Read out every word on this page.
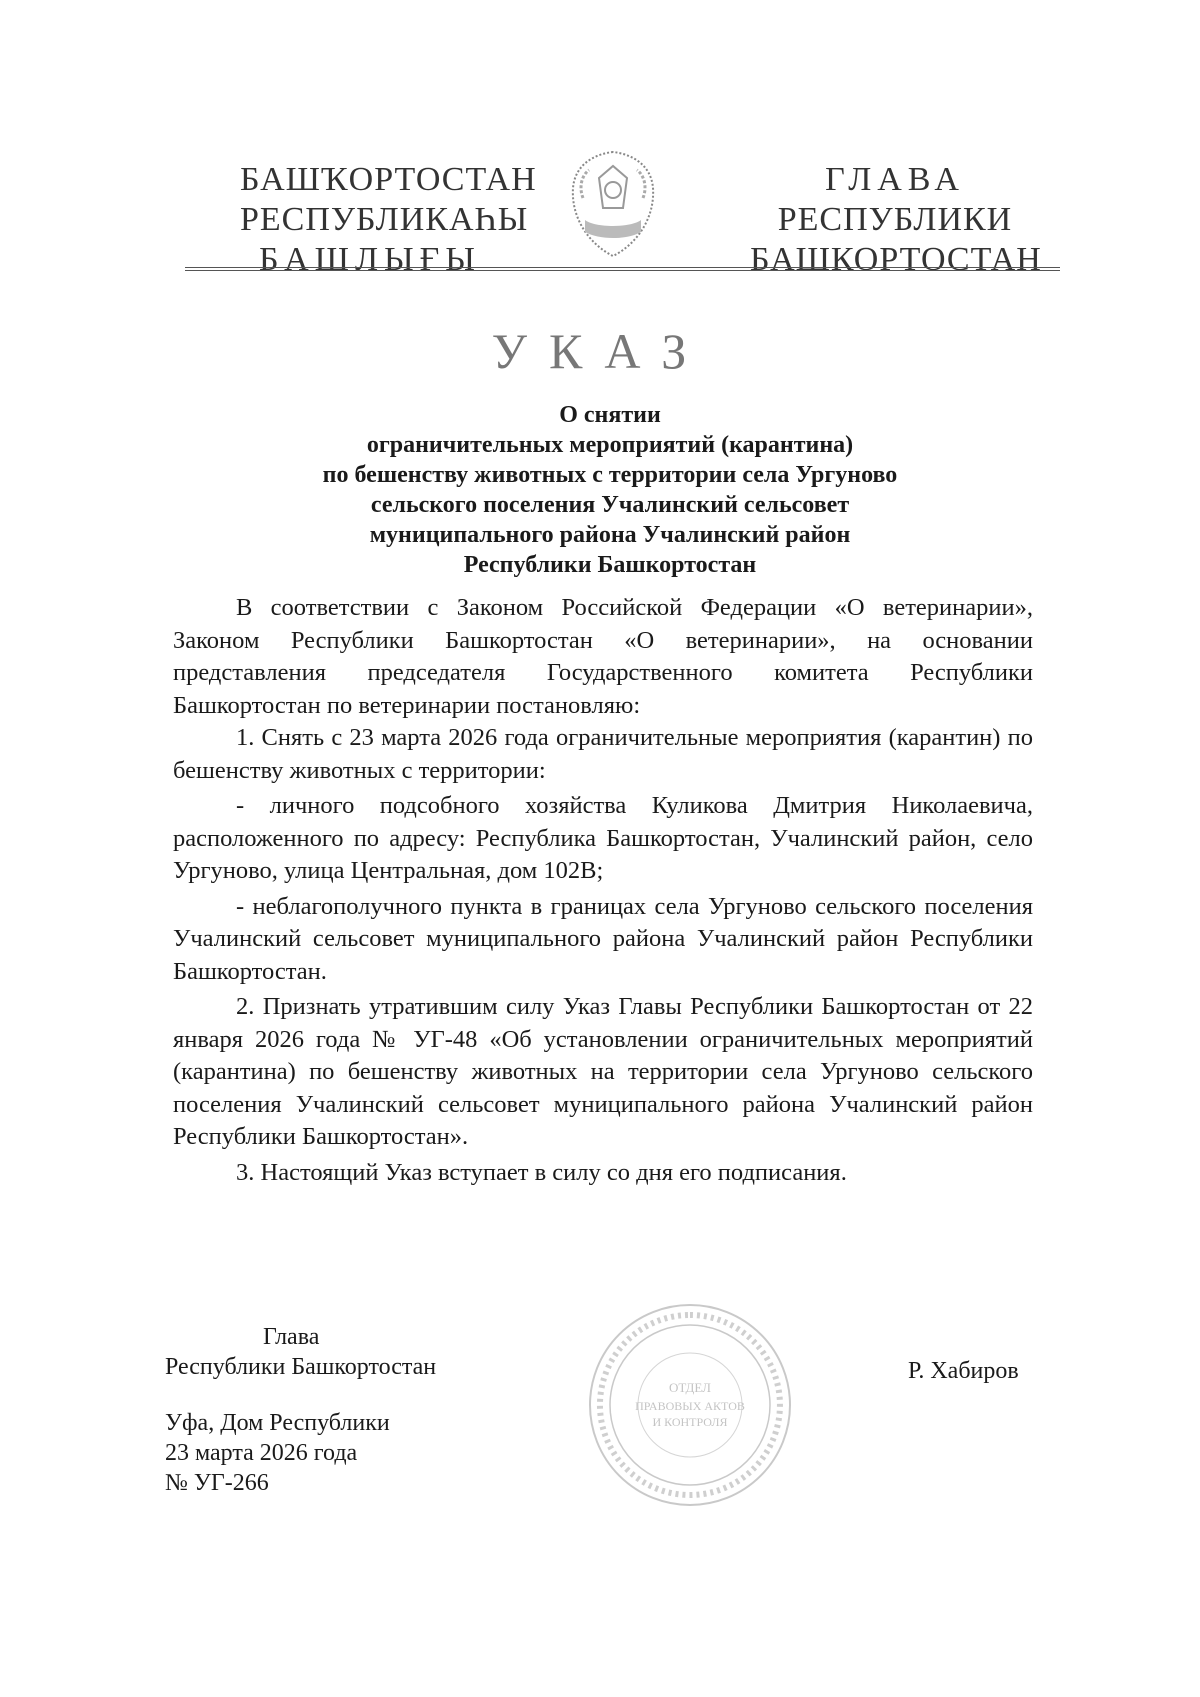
БАШҠОРТОСТАН
РЕСПУБЛИКАҺЫ
БАШЛЫҒЫ
ГЛАВА
РЕСПУБЛИКИ
БАШКОРТОСТАН
УКАЗ
О снятии
ограничительных мероприятий (карантина)
по бешенству животных с территории села Ургуново
сельского поселения Учалинский сельсовет
муниципального района Учалинский район
Республики Башкортостан

В соответствии с Законом Российской Федерации «О ветеринарии», Законом Республики Башкортостан «О ветеринарии», на основании представления председателя Государственного комитета Республики Башкортостан по ветеринарии постановляю:

1. Снять с 23 марта 2026 года ограничительные мероприятия (карантин) по бешенству животных с территории:

- личного подсобного хозяйства Куликова Дмитрия Николаевича, расположенного по адресу: Республика Башкортостан, Учалинский район, село Ургуново, улица Центральная, дом 102В;

- неблагополучного пункта в границах села Ургуново сельского поселения Учалинский сельсовет муниципального района Учалинский район Республики Башкортостан.

2. Признать утратившим силу Указ Главы Республики Башкортостан от 22 января 2026 года № УГ-48 «Об установлении ограничительных мероприятий (карантина) по бешенству животных на территории села Ургуново сельского поселения Учалинский сельсовет муниципального района Учалинский район Республики Башкортостан».

3. Настоящий Указ вступает в силу со дня его подписания.

Глава
Республики Башкортостан
ОТДЕЛ
ПРАВОВЫХ АКТОВ
И КОНТРОЛЯ
Р. Хабиров
Уфа, Дом Республики
23 марта 2026 года
№ УГ-266
